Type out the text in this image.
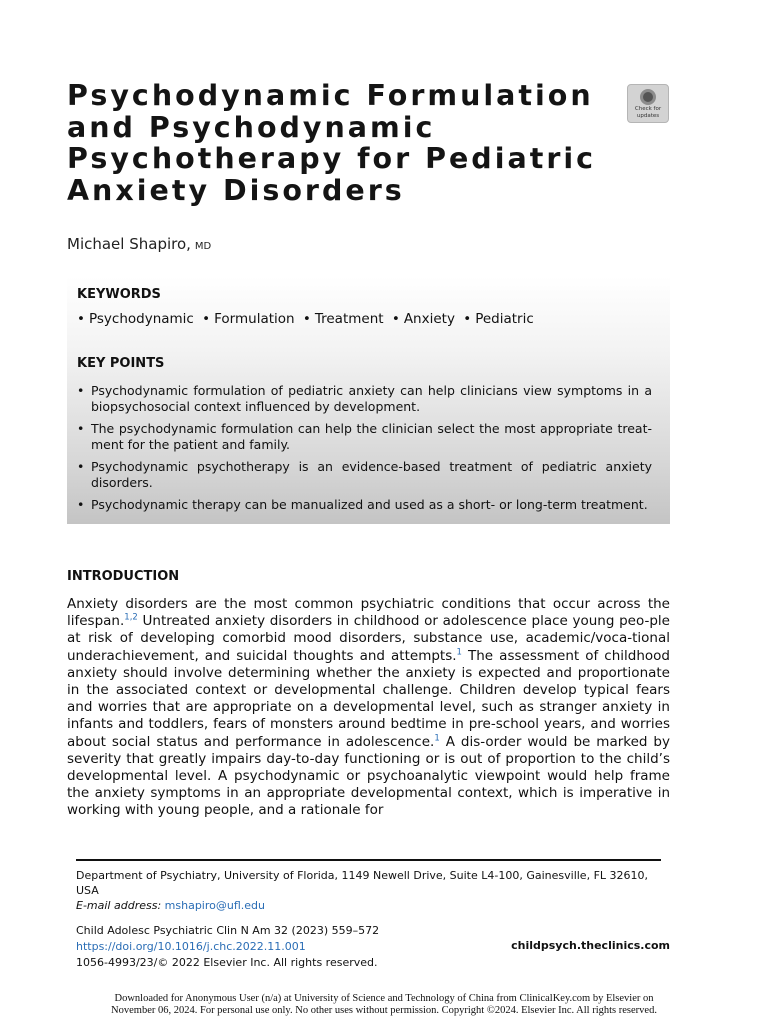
Psychodynamic Formulation
and Psychodynamic
Psychotherapy for Pediatric
Anxiety Disorders
Check for
updates
Michael Shapiro, MD
KEYWORDS
• Psychodynamic • Formulation • Treatment • Anxiety • Pediatric
KEY POINTS
• Psychodynamic formulation of pediatric anxiety can help clinicians view symptoms in a biopsychosocial context influenced by development.
• The psychodynamic formulation can help the clinician select the most appropriate treat-ment for the patient and family.
• Psychodynamic psychotherapy is an evidence-based treatment of pediatric anxiety disorders.
• Psychodynamic therapy can be manualized and used as a short- or long-term treatment.
INTRODUCTION

Anxiety disorders are the most common psychiatric conditions that occur across the lifespan.$^{1,2}$ Untreated anxiety disorders in childhood or adolescence place young peo-ple at risk of developing comorbid mood disorders, substance use, academic/voca-tional underachievement, and suicidal thoughts and attempts.$^1$ The assessment of childhood anxiety should involve determining whether the anxiety is expected and proportionate in the associated context or developmental challenge. Children develop typical fears and worries that are appropriate on a developmental level, such as stranger anxiety in infants and toddlers, fears of monsters around bedtime in pre-school years, and worries about social status and performance in adolescence.$^1$ A dis-order would be marked by severity that greatly impairs day-to-day functioning or is out of proportion to the child’s developmental level. A psychodynamic or psychoanalytic viewpoint would help frame the anxiety symptoms in an appropriate developmental context, which is imperative in working with young people, and a rationale for

Department of Psychiatry, University of Florida, 1149 Newell Drive, Suite L4-100, Gainesville, FL 32610, USA
E-mail address: mshapiro@ufl.edu
Child Adolesc Psychiatric Clin N Am 32 (2023) 559–572
https://doi.org/10.1016/j.chc.2022.11.001
1056-4993/23/© 2022 Elsevier Inc. All rights reserved.
childpsych.theclinics.com
Downloaded for Anonymous User (n/a) at University of Science and Technology of China from ClinicalKey.com by Elsevier on
November 06, 2024. For personal use only. No other uses without permission. Copyright ©2024. Elsevier Inc. All rights reserved.
